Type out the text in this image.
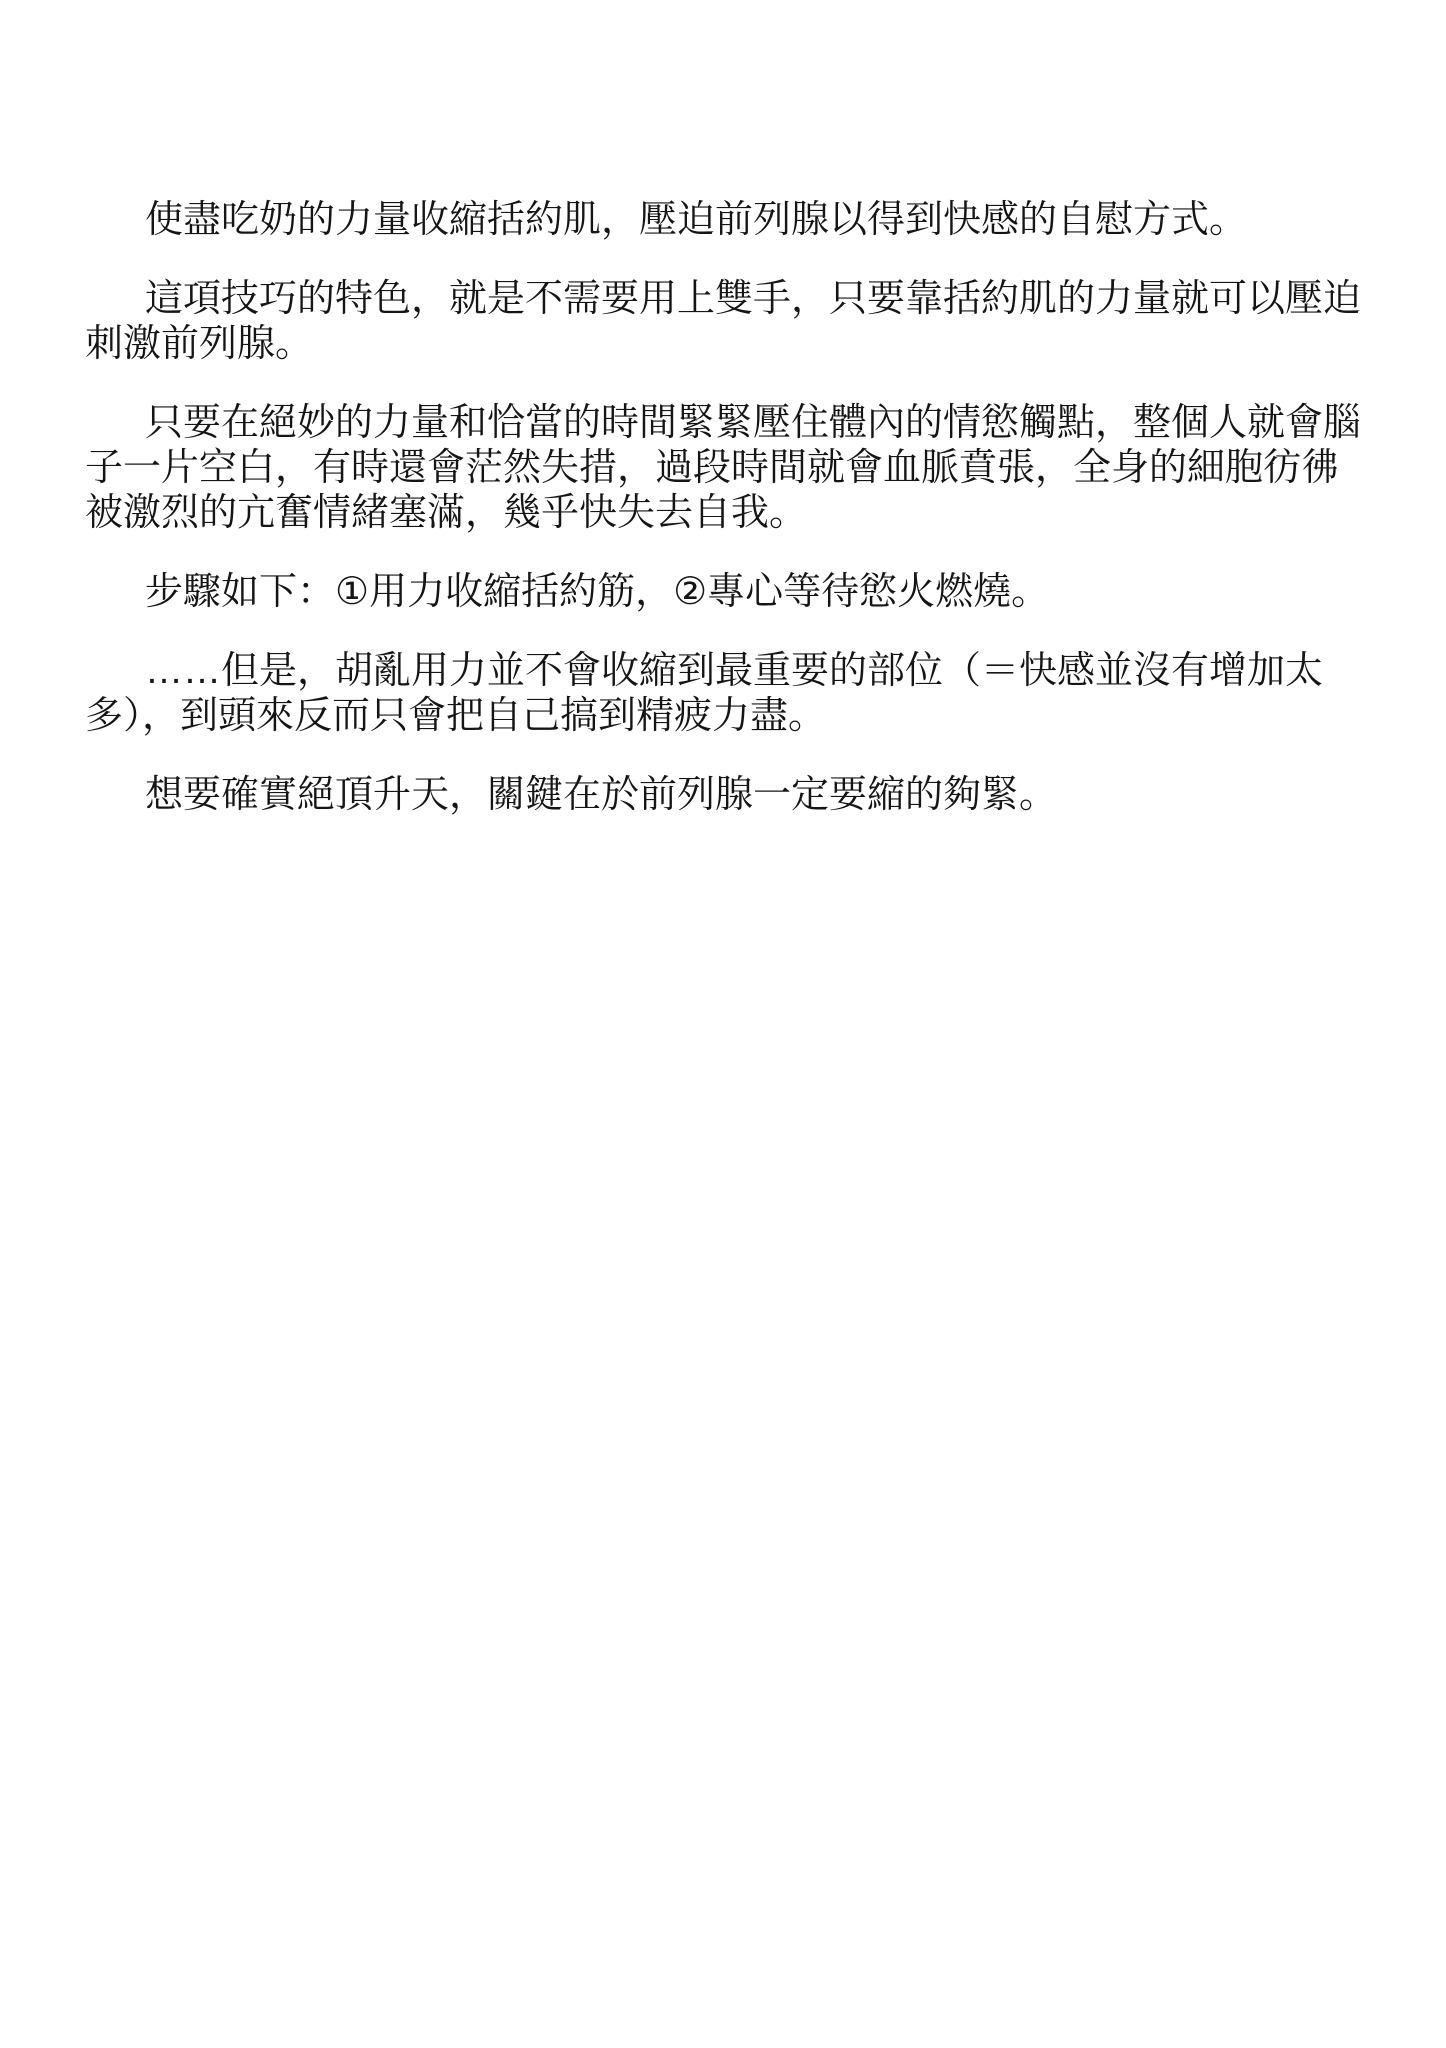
使盡吃奶的力量收縮括約肌，壓迫前列腺以得到快感的自慰方式。

這項技巧的特色，就是不需要用上雙手，只要靠括約肌的力量就可以壓迫刺激前列腺。

只要在絕妙的力量和恰當的時間緊緊壓住體內的情慾觸點，整個人就會腦子一片空白，有時還會茫然失措，過段時間就會血脈賁張，全身的細胞彷彿被激烈的亢奮情緒塞滿，幾乎快失去自我。

步驟如下：①用力收縮括約筋，②專心等待慾火燃燒。

……但是，胡亂用力並不會收縮到最重要的部位（＝快感並沒有增加太多），到頭來反而只會把自己搞到精疲力盡。

想要確實絕頂升天，關鍵在於前列腺一定要縮的夠緊。
